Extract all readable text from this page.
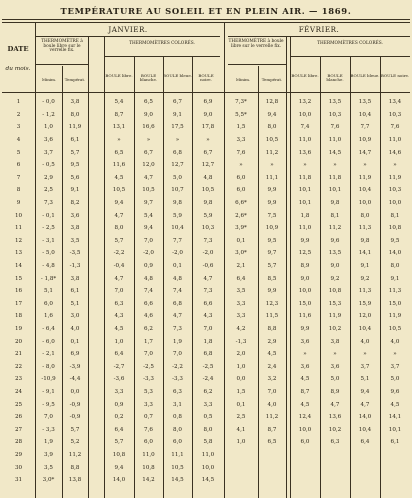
TEMPÉRATURE AU SOLEIL ET EN PLEIN AIR. — 1869.
DATE
du mois.
JANVIER.
THERMOMÈTRE à boule libre sur le verrelle fix.
THERMOMÈTRES COLORÉS.
Minim.	Températ.
BOULE libre.	BOULE blanche.
BOULE bleue.	BOULE noire.
FÉVRIER.
THERMOMÈTRE à boule libre sur le verrelle fix.	THERMOMÈTRES COLORÉS.
Minim.	Températ.
BOULE libre.	BOULE blanche.
BOULE bleue. BOULE noire.
1	- 0,0	3,8		5,4	6,5	6,7	6,9	7,3*	12,8		13,2	13,5	13,5	13,4
2	- 1,2	8,0		8,7	9,0	9,1	9,0	5,5*	9,4		10,0	10,3	10,4	10,3
3	1,0	11,9		13,1	16,6	17,5	17,8	1,5	8,0		7,4	7,6	7,7	7,6
4	3,6	6,1		»	»	»	»	3,3	10,5		11,0	11,0	10,9	11,0
5	3,7	5,7		6,5	6,7	6,8	6,7	7,6	11,2		13,6	14,5	14,7	14,6
6	- 0,5	9,5		11,6	12,0	12,7	12,7	»	»		»	»	»	»
7	2,9	5,6		4,5	4,7	5,0	4,8	6,0	11,1		11,8	11,8	11,9	11,9
8	2,5	9,1		10,5	10,5	10,7	10,5	6,0	9,9		10,1	10,1	10,4	10,3
9	7,3	8,2		9,4	9,7	9,8	9,8	6,6*	9,9		10,1	9,8	10,0	10,0
10	- 0,1	3,6		4,7	5,4	5,9	5,9	2,6*	7,5		1,8	8,1	8,0	8,1
11	- 2,5	3,8		8,0	9,4	10,4	10,3	3,9*	10,9		11,0	11,2	11,3	10,8
12	- 3,1	3,5		5,7	7,0	7,7	7,3	0,1	9,5		9,9	9,6	9,8	9,5
13	- 5,0	-3,5		-2,2	-2,0	-2,0	-2,0	3,0*	9,7		12,5	13,5	14,1	14,0
14	- 4,8	-1,3		-0,4	0,9	0,1	-0,6	2,1	5,7		8,9	9,0	9,1	8,0
15	- 1,8*	3,8		4,7	4,8	4,8	4,7	6,4	8,5		9,0	9,2	9,2	9,1
16	5,1	6,1		7,0	7,4	7,4	7,3	3,5	9,9		10,0	10,8	11,3	11,3
17	6,0	5,1		6,3	6,6	6,8	6,6	3,3	12,3		15,0	15,3	15,9	15,0
18	1,6	3,0		4,3	4,6	4,7	4,3	3,3	11,5		11,6	11,9	12,0	11,9
19	- 6,4	4,0		4,5	6,2	7,3	7,0	4,2	8,8		9,9	10,2	10,4	10,5
20	- 6,0	0,1		1,0	1,7	1,9	1,8	-1,3	2,9		3,6	3,8	4,0	4,0
21	- 2,1	6,9		6,4	7,0	7,0	6,8	2,0	4,5		»	»	»	»
22	- 8,0	-3,9		-2,7	-2,5	-2,2	-2,5	1,0	2,4		3,6	3,6	3,7	3,7
23	-10,9	-4,4		-3,6	-3,3	-3,3	-2,4	0,0	3,2		4,5	5,0	5,1	5,0
24	- 9,1	0,0		3,3	5,3	6,3	6,2	1,5	7,0		8,7	8,9	9,4	9,6
25	- 9,5	-0,9		0,9	3,3	3,1	3,3	0,1	4,0		4,5	4,7	4,7	4,5
26	7,0	-0,9		0,2	0,7	0,8	0,5	2,5	11,2		12,4	13,6	14,0	14,1
27	- 3,3	5,7		6,4	7,6	8,0	8,0	4,1	8,7		10,0	10,2	10,4	10,1
28	1,9	5,2		5,7	6,0	6,0	5,8	1,0	6,5		6,0	6,3	6,4	6,1
29	3,9	11,2		10,8	11,0	11,1	11,0							
30	3,5	8,8		9,4	10,8	10,5	10,0							
31	3,0*	13,8		14,0	14,2	14,5	14,5							
